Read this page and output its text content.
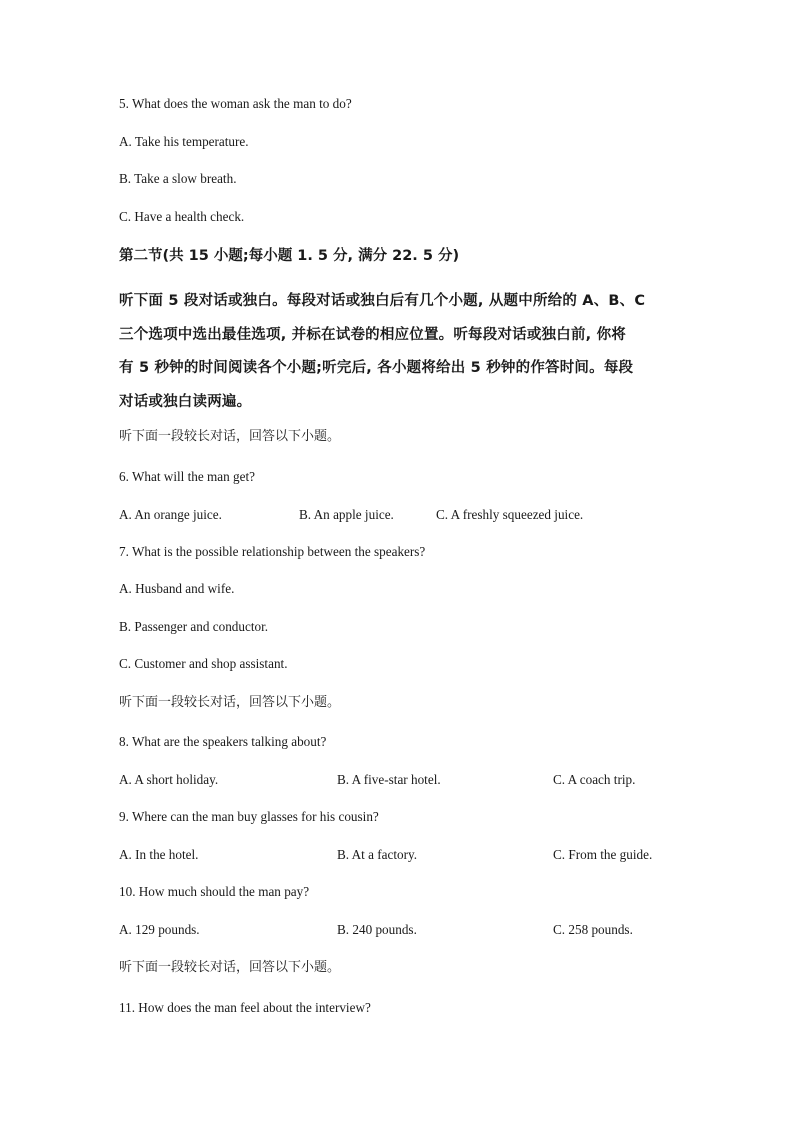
5. What does the woman ask the man to do?
A. Take his temperature.
B. Take a slow breath.
C. Have a health check.
第二节(共 15 小题;每小题 1. 5 分, 满分 22. 5 分)
听下面 5 段对话或独白。每段对话或独白后有几个小题, 从题中所给的 A、B、C
三个选项中选出最佳选项, 并标在试卷的相应位置。听每段对话或独白前, 你将
有 5 秒钟的时间阅读各个小题;听完后, 各小题将给出 5 秒钟的作答时间。每段
对话或独白读两遍。
听下面一段较长对话，回答以下小题。
6. What will the man get?
A. An orange juice.	B. An apple juice.	C. A freshly squeezed juice.
7. What is the possible relationship between the speakers?
A. Husband and wife.
B. Passenger and conductor.
C. Customer and shop assistant.
听下面一段较长对话，回答以下小题。
8. What are the speakers talking about?
A. A short holiday.	B. A five-star hotel.	C. A coach trip.
9. Where can the man buy glasses for his cousin?
A. In the hotel.	B. At a factory.	C. From the guide.
10. How much should the man pay?
A. 129 pounds.	B. 240 pounds.	C. 258 pounds.
听下面一段较长对话，回答以下小题。
11. How does the man feel about the interview?
